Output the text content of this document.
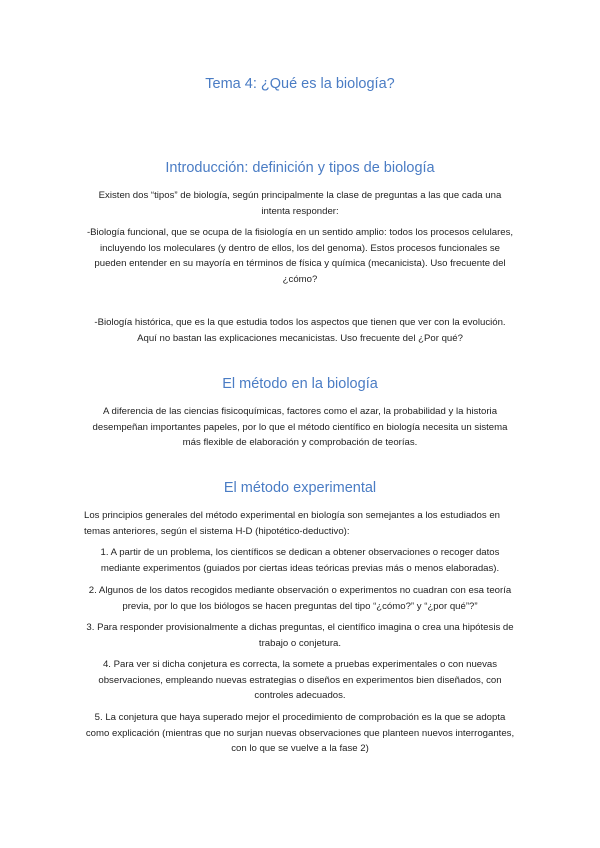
Tema 4: ¿Qué es la biología?
Introducción: definición y tipos de biología

Existen dos “tipos” de biología, según principalmente la clase de preguntas a las que cada una intenta responder:

-Biología funcional, que se ocupa de la fisiología en un sentido amplio: todos los procesos celulares, incluyendo los moleculares (y dentro de ellos, los del genoma). Estos procesos funcionales se pueden entender en su mayoría en términos de física y química (mecanicista). Uso frecuente del ¿cómo?

-Biología histórica, que es la que estudia todos los aspectos que tienen que ver con la evolución. Aquí no bastan las explicaciones mecanicistas. Uso frecuente del ¿Por qué?

El método en la biología

A diferencia de las ciencias fisicoquímicas, factores como el azar, la probabilidad y la historia desempeñan importantes papeles, por lo que el método científico en biología necesita un sistema más flexible de elaboración y comprobación de teorías.

El método experimental

Los principios generales del método experimental en biología son semejantes a los estudiados en temas anteriores, según el sistema H-D (hipotético-deductivo):

1. A partir de un problema, los científicos se dedican a obtener observaciones o recoger datos mediante experimentos (guiados por ciertas ideas teóricas previas más o menos elaboradas).

2. Algunos de los datos recogidos mediante observación o experimentos no cuadran con esa teoría previa, por lo que los biólogos se hacen preguntas del tipo “¿cómo?” y “¿por qué”?”

3. Para responder provisionalmente a dichas preguntas, el científico imagina o crea una hipótesis de trabajo o conjetura.

4. Para ver si dicha conjetura es correcta, la somete a pruebas experimentales o con nuevas observaciones, empleando nuevas estrategias o diseños en experimentos bien diseñados, con controles adecuados.

5. La conjetura que haya superado mejor el procedimiento de comprobación es la que se adopta como explicación (mientras que no surjan nuevas observaciones que planteen nuevos interrogantes, con lo que se vuelve a la fase 2)
